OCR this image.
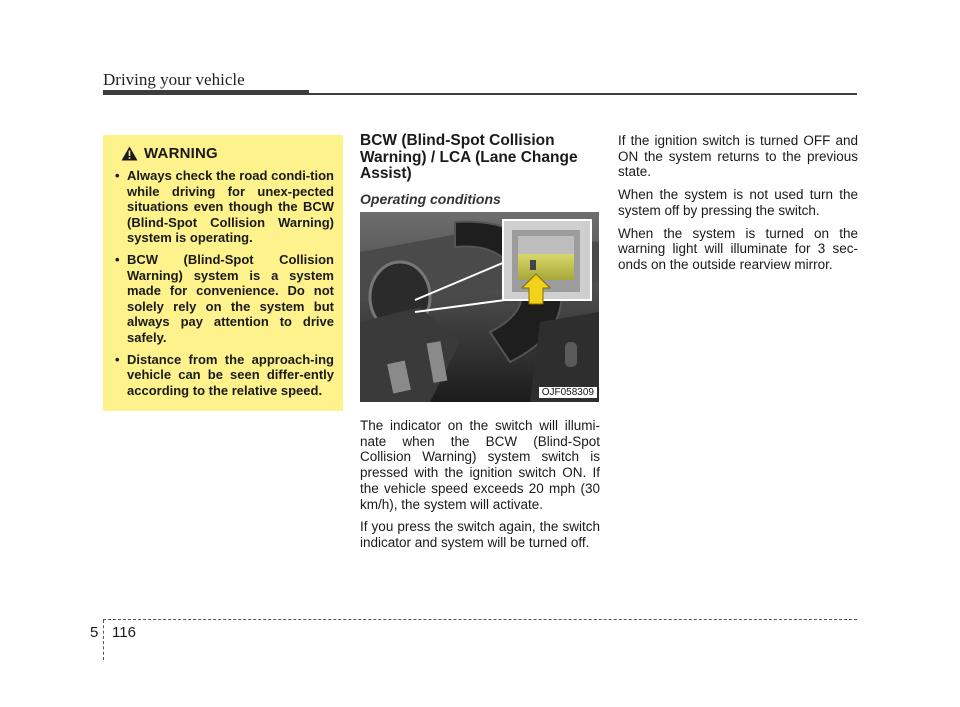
Driving your vehicle
WARNING
• Always check the road condi-tion while driving for unex-pected situations even though the BCW (Blind-Spot Collision Warning) system is operating.
• BCW (Blind-Spot Collision Warning) system is a system made for convenience. Do not solely rely on the system but always pay attention to drive safely.
• Distance from the approach-ing vehicle can be seen differ-ently according to the relative speed.
BCW (Blind-Spot Collision Warning) / LCA (Lane Change Assist)
Operating conditions
OJF058309

The indicator on the switch will illumi-nate when the BCW (Blind-Spot Collision Warning) system switch is pressed with the ignition switch ON. If the vehicle speed exceeds 20 mph (30 km/h), the system will activate.

If you press the switch again, the switch indicator and system will be turned off.

If the ignition switch is turned OFF and ON the system returns to the previous state.

When the system is not used turn the system off by pressing the switch.

When the system is turned on the warning light will illuminate for 3 sec-onds on the outside rearview mirror.

5 116
